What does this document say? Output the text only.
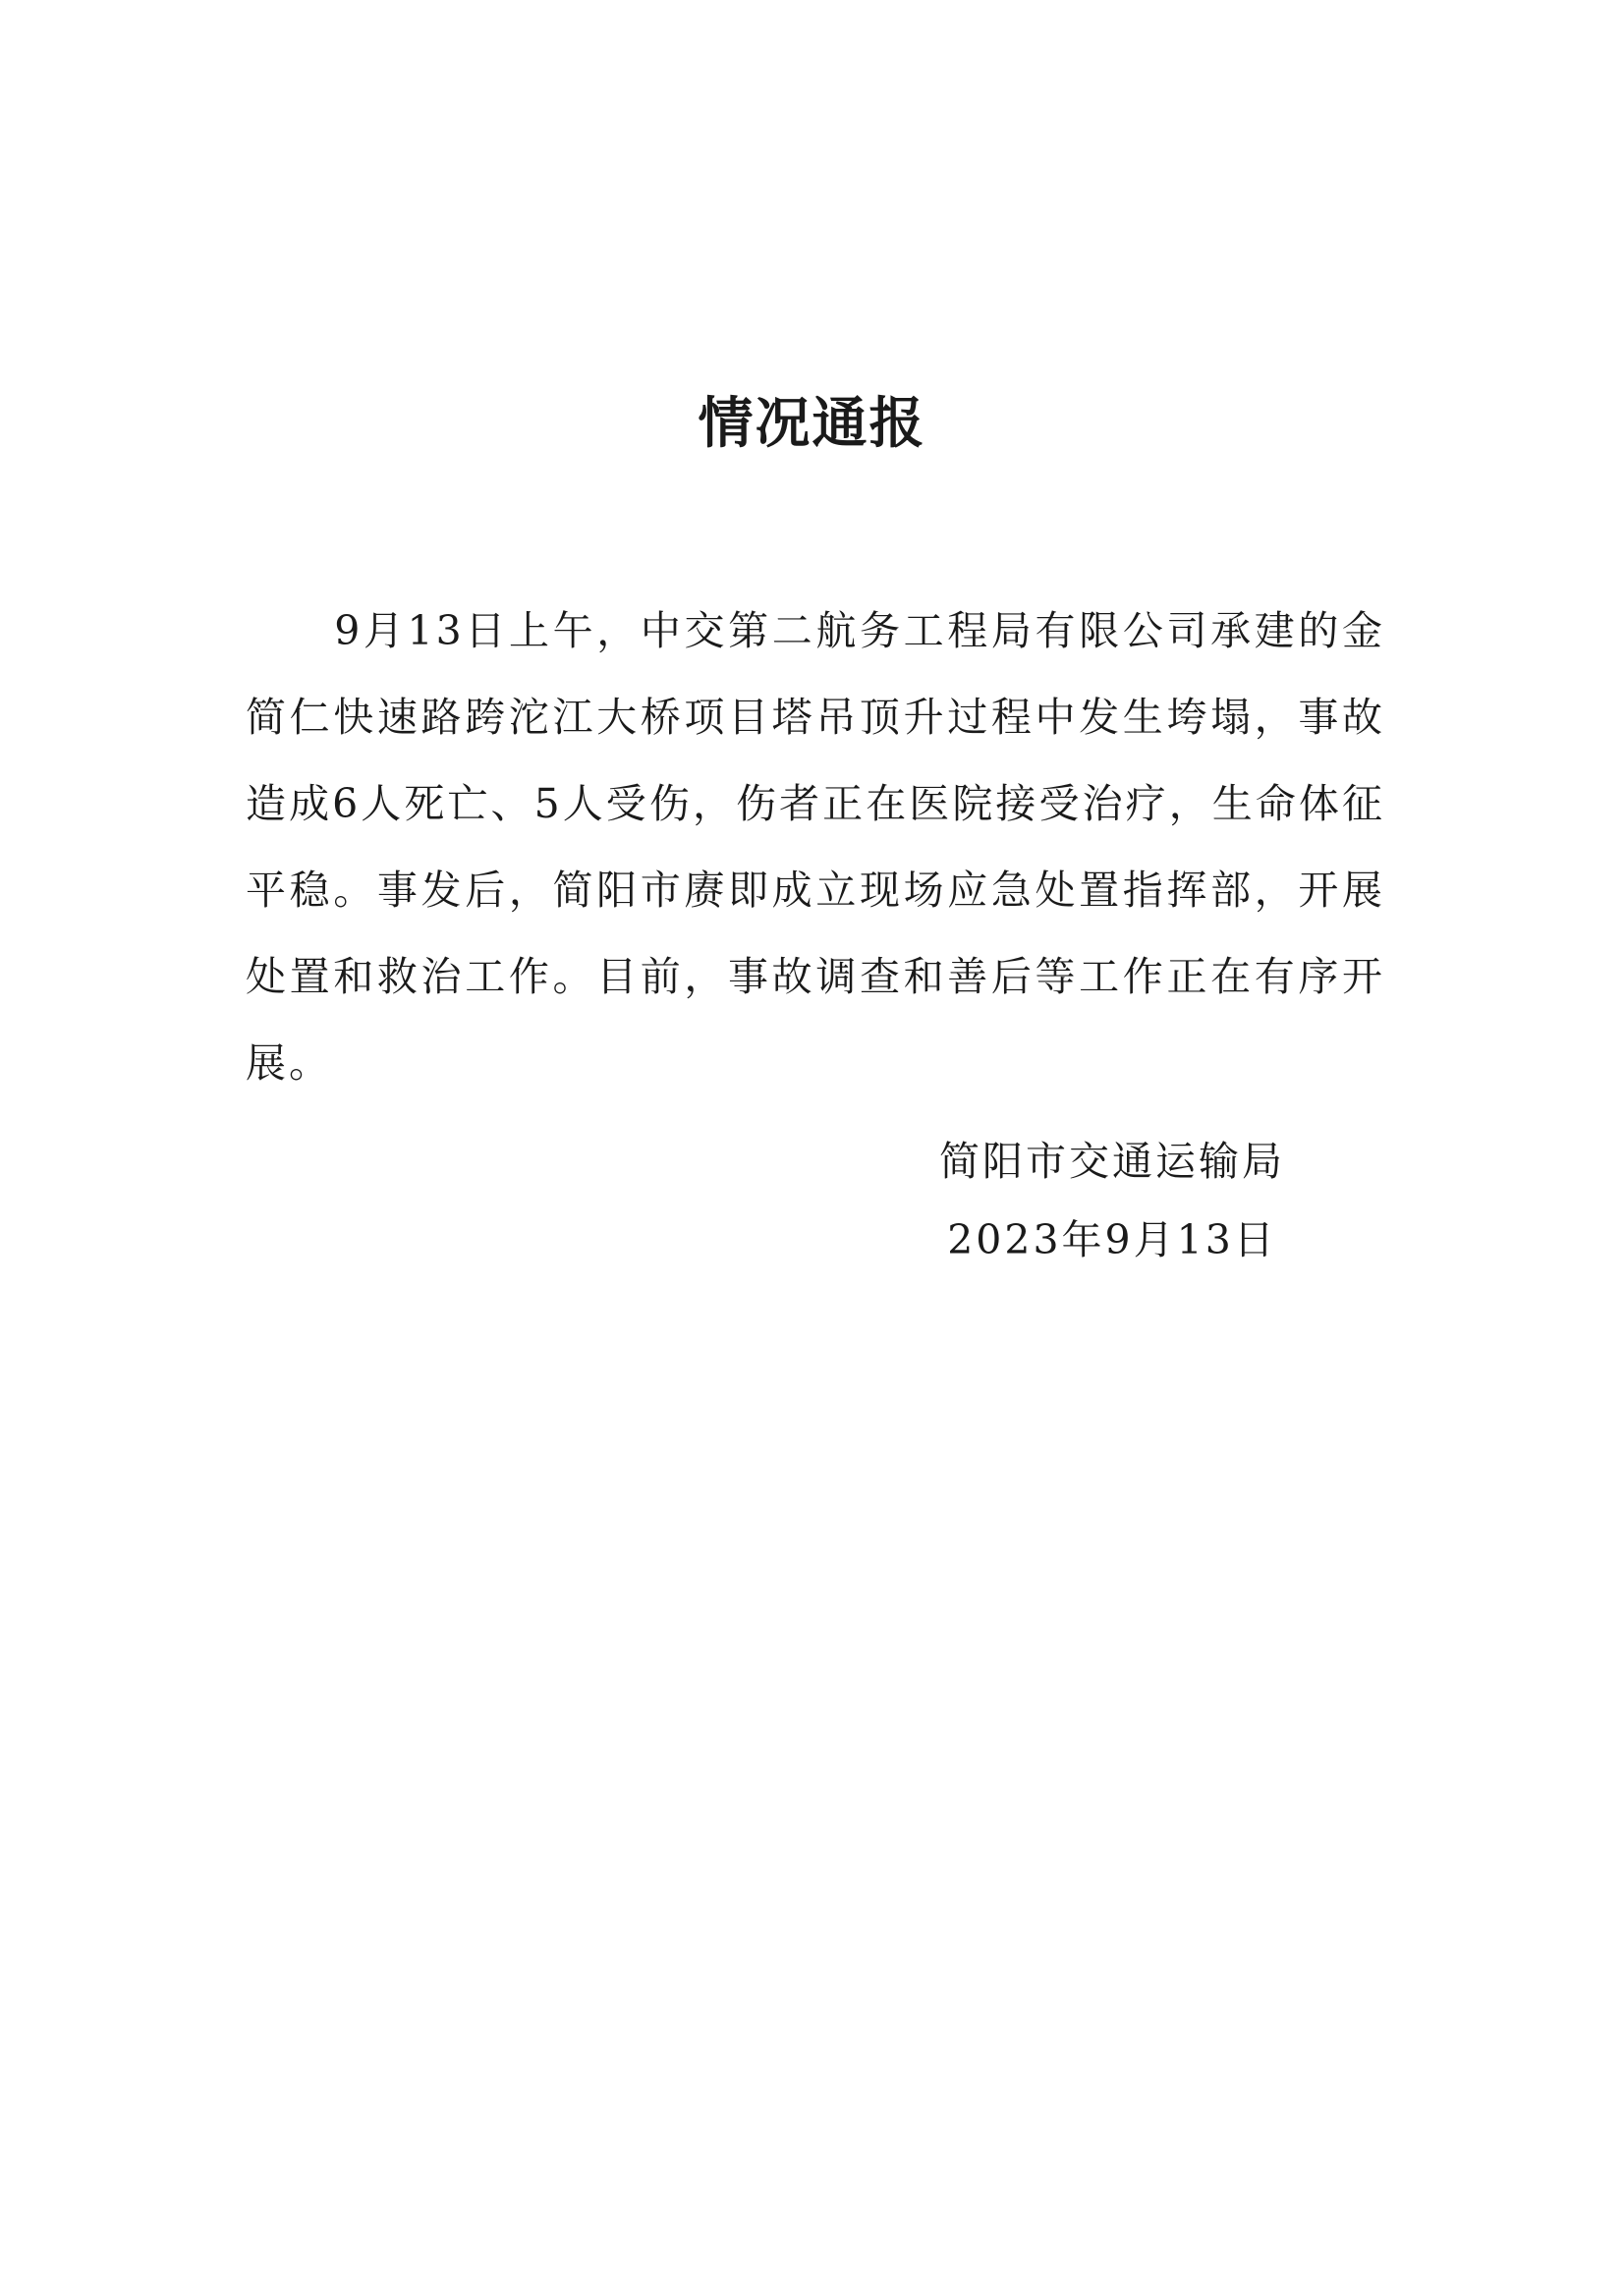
情况通报

9月13日上午，中交第二航务工程局有限公司承建的金简仁快速路跨沱江大桥项目塔吊顶升过程中发生垮塌，事故造成6人死亡、5人受伤，伤者正在医院接受治疗，生命体征平稳。事发后，简阳市赓即成立现场应急处置指挥部，开展处置和救治工作。目前，事故调查和善后等工作正在有序开展。

简阳市交通运输局
2023年9月13日
